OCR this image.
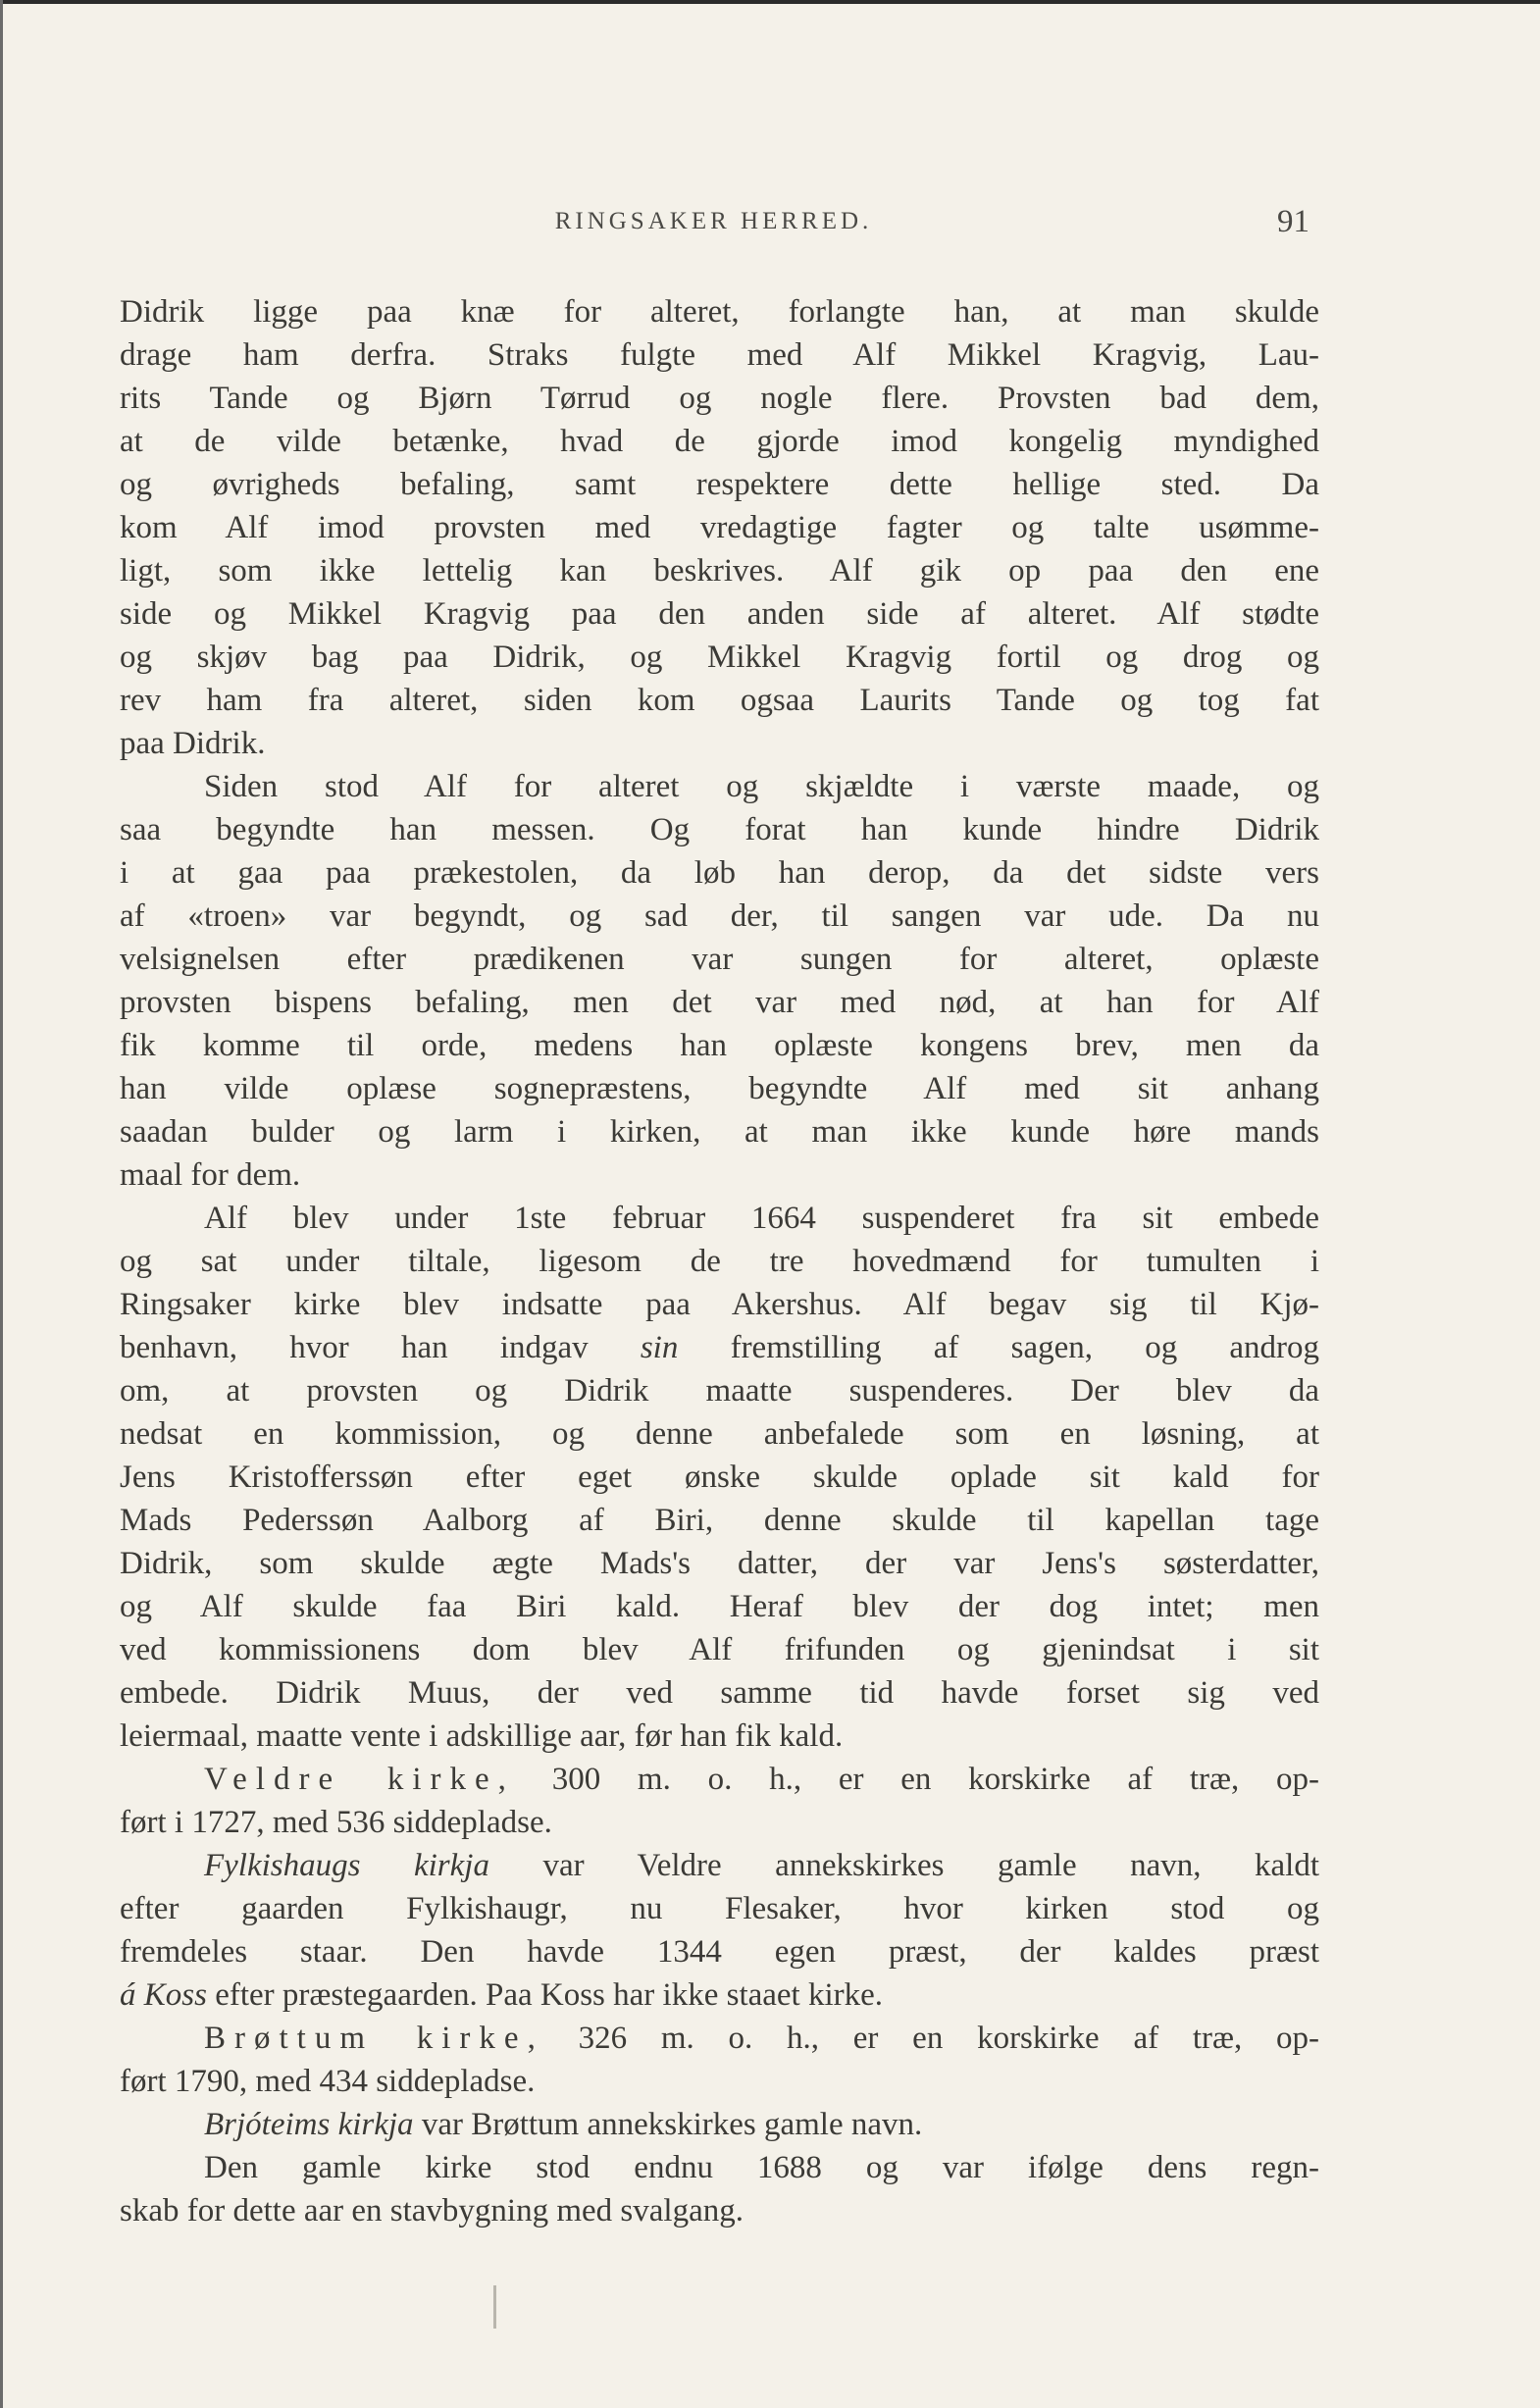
RINGSAKER HERRED.	91
Didrik ligge paa knæ for alteret, forlangte han, at man skulde
drage ham derfra. Straks fulgte med Alf Mikkel Kragvig, Lau-
rits Tande og Bjørn Tørrud og nogle flere. Provsten bad dem,
at de vilde betænke, hvad de gjorde imod kongelig myndighed
og øvrigheds befaling, samt respektere dette hellige sted. Da
kom Alf imod provsten med vredagtige fagter og talte usømme-
ligt, som ikke lettelig kan beskrives. Alf gik op paa den ene
side og Mikkel Kragvig paa den anden side af alteret. Alf stødte
og skjøv bag paa Didrik, og Mikkel Kragvig fortil og drog og
rev ham fra alteret, siden kom ogsaa Laurits Tande og tog fat
paa Didrik.
Siden stod Alf for alteret og skjældte i værste maade, og
saa begyndte han messen. Og forat han kunde hindre Didrik
i at gaa paa prækestolen, da løb han derop, da det sidste vers
af «troen» var begyndt, og sad der, til sangen var ude. Da nu
velsignelsen efter prædikenen var sungen for alteret, oplæste
provsten bispens befaling, men det var med nød, at han for Alf
fik komme til orde, medens han oplæste kongens brev, men da
han vilde oplæse sognepræstens, begyndte Alf med sit anhang
saadan bulder og larm i kirken, at man ikke kunde høre mands
maal for dem.
Alf blev under 1ste februar 1664 suspenderet fra sit embede
og sat under tiltale, ligesom de tre hovedmænd for tumulten i
Ringsaker kirke blev indsatte paa Akershus. Alf begav sig til Kjø-
benhavn, hvor han indgav sin fremstilling af sagen, og androg
om, at provsten og Didrik maatte suspenderes. Der blev da
nedsat en kommission, og denne anbefalede som en løsning, at
Jens Kristofferssøn efter eget ønske skulde oplade sit kald for
Mads Pederssøn Aalborg af Biri, denne skulde til kapellan tage
Didrik, som skulde ægte Mads's datter, der var Jens's søsterdatter,
og Alf skulde faa Biri kald. Heraf blev der dog intet; men
ved kommissionens dom blev Alf frifunden og gjenindsat i sit
embede. Didrik Muus, der ved samme tid havde forset sig ved
leiermaal, maatte vente i adskillige aar, før han fik kald.
Veldre kirke, 300 m. o. h., er en korskirke af træ, op-
ført i 1727, med 536 siddepladse.
Fylkishaugs kirkja var Veldre annekskirkes gamle navn, kaldt
efter gaarden Fylkishaugr, nu Flesaker, hvor kirken stod og
fremdeles staar. Den havde 1344 egen præst, der kaldes præst
á Koss efter præstegaarden. Paa Koss har ikke staaet kirke.
Brøttum kirke, 326 m. o. h., er en korskirke af træ, op-
ført 1790, med 434 siddepladse.
Brjóteims kirkja var Brøttum annekskirkes gamle navn.
Den gamle kirke stod endnu 1688 og var ifølge dens regn-
skab for dette aar en stavbygning med svalgang.
